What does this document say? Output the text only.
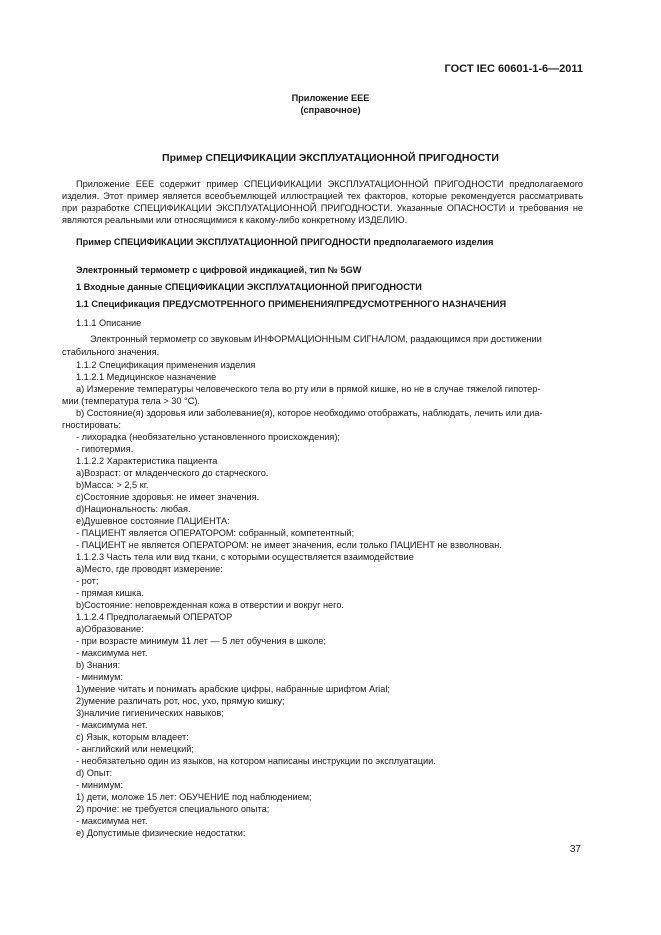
ГОСТ IEC 60601-1-6—2011
Приложение ЕЕЕ
(справочное)
Пример СПЕЦИФИКАЦИИ ЭКСПЛУАТАЦИОННОЙ ПРИГОДНОСТИ
Приложение ЕЕЕ содержит пример СПЕЦИФИКАЦИИ ЭКСПЛУАТАЦИОННОЙ ПРИГОДНОСТИ предполагаемого изделия. Этот пример является всеобъемлющей иллюстрацией тех факторов, которые рекомендуется рассматривать при разработке СПЕЦИФИКАЦИИ ЭКСПЛУАТАЦИОННОЙ ПРИГОДНОСТИ. Указанные ОПАСНОСТИ и требования не являются реальными или относящимися к какому-либо конкретному ИЗДЕЛИЮ.
Пример СПЕЦИФИКАЦИИ ЭКСПЛУАТАЦИОННОЙ ПРИГОДНОСТИ предполагаемого изделия
Электронный термометр с цифровой индикацией, тип № 5GW
1 Входные данные СПЕЦИФИКАЦИИ ЭКСПЛУАТАЦИОННОЙ ПРИГОДНОСТИ
1.1 Спецификация ПРЕДУСМОТРЕННОГО ПРИМЕНЕНИЯ/ПРЕДУСМОТРЕННОГО НАЗНАЧЕНИЯ
1.1.1 Описание
Электронный термометр со звуковым ИНФОРМАЦИОННЫМ СИГНАЛОМ, раздающимся при достижении
стабильного значения.
1.1.2 Спецификация применения изделия
1.1.2.1 Медицинское назначение
a) Измерение температуры человеческого тела во рту или в прямой кишке, но не в случае тяжелой гипотер-
мии (температура тела > 30 °C).
b) Состояние(я) здоровья или заболевание(я), которое необходимо отображать, наблюдать, лечить или диа-
гностировать:
- лихорадка (необязательно установленного происхождения);
- гипотермия.
1.1.2.2 Характеристика пациента
a)Возраст: от младенческого до старческого.
b)Масса: > 2,5 кг.
c)Состояние здоровья: не имеет значения.
d)Национальность: любая.
e)Душевное состояние ПАЦИЕНТА:
- ПАЦИЕНТ является ОПЕРАТОРОМ: собранный, компетентный;
- ПАЦИЕНТ не является ОПЕРАТОРОМ: не имеет значения, если только ПАЦИЕНТ не взволнован.
1.1.2.3 Часть тела или вид ткани, с которыми осуществляется взаимодействие
a)Место, где проводят измерение:
- рот;
- прямая кишка.
b)Состояние: неповрежденная кожа в отверстии и вокруг него.
1.1.2.4 Предполагаемый ОПЕРАТОР
a)Образование:
- при возрасте минимум 11 лет — 5 лет обучения в школе;
- максимума нет.
b) Знания:
- минимум:
1)умение читать и понимать арабские цифры, набранные шрифтом Arial;
2)умение различать рот, нос, ухо, прямую кишку;
3)наличие гигиенических навыков;
- максимума нет.
c) Язык, которым владеет:
- английский или немецкий;
- необязательно один из языков, на котором написаны инструкции по эксплуатации.
d) Опыт:
- минимум:
1) дети, моложе 15 лет: ОБУЧЕНИЕ под наблюдением;
2) прочие: не требуется специального опыта;
- максимума нет.
e) Допустимые физические недостатки:
37
